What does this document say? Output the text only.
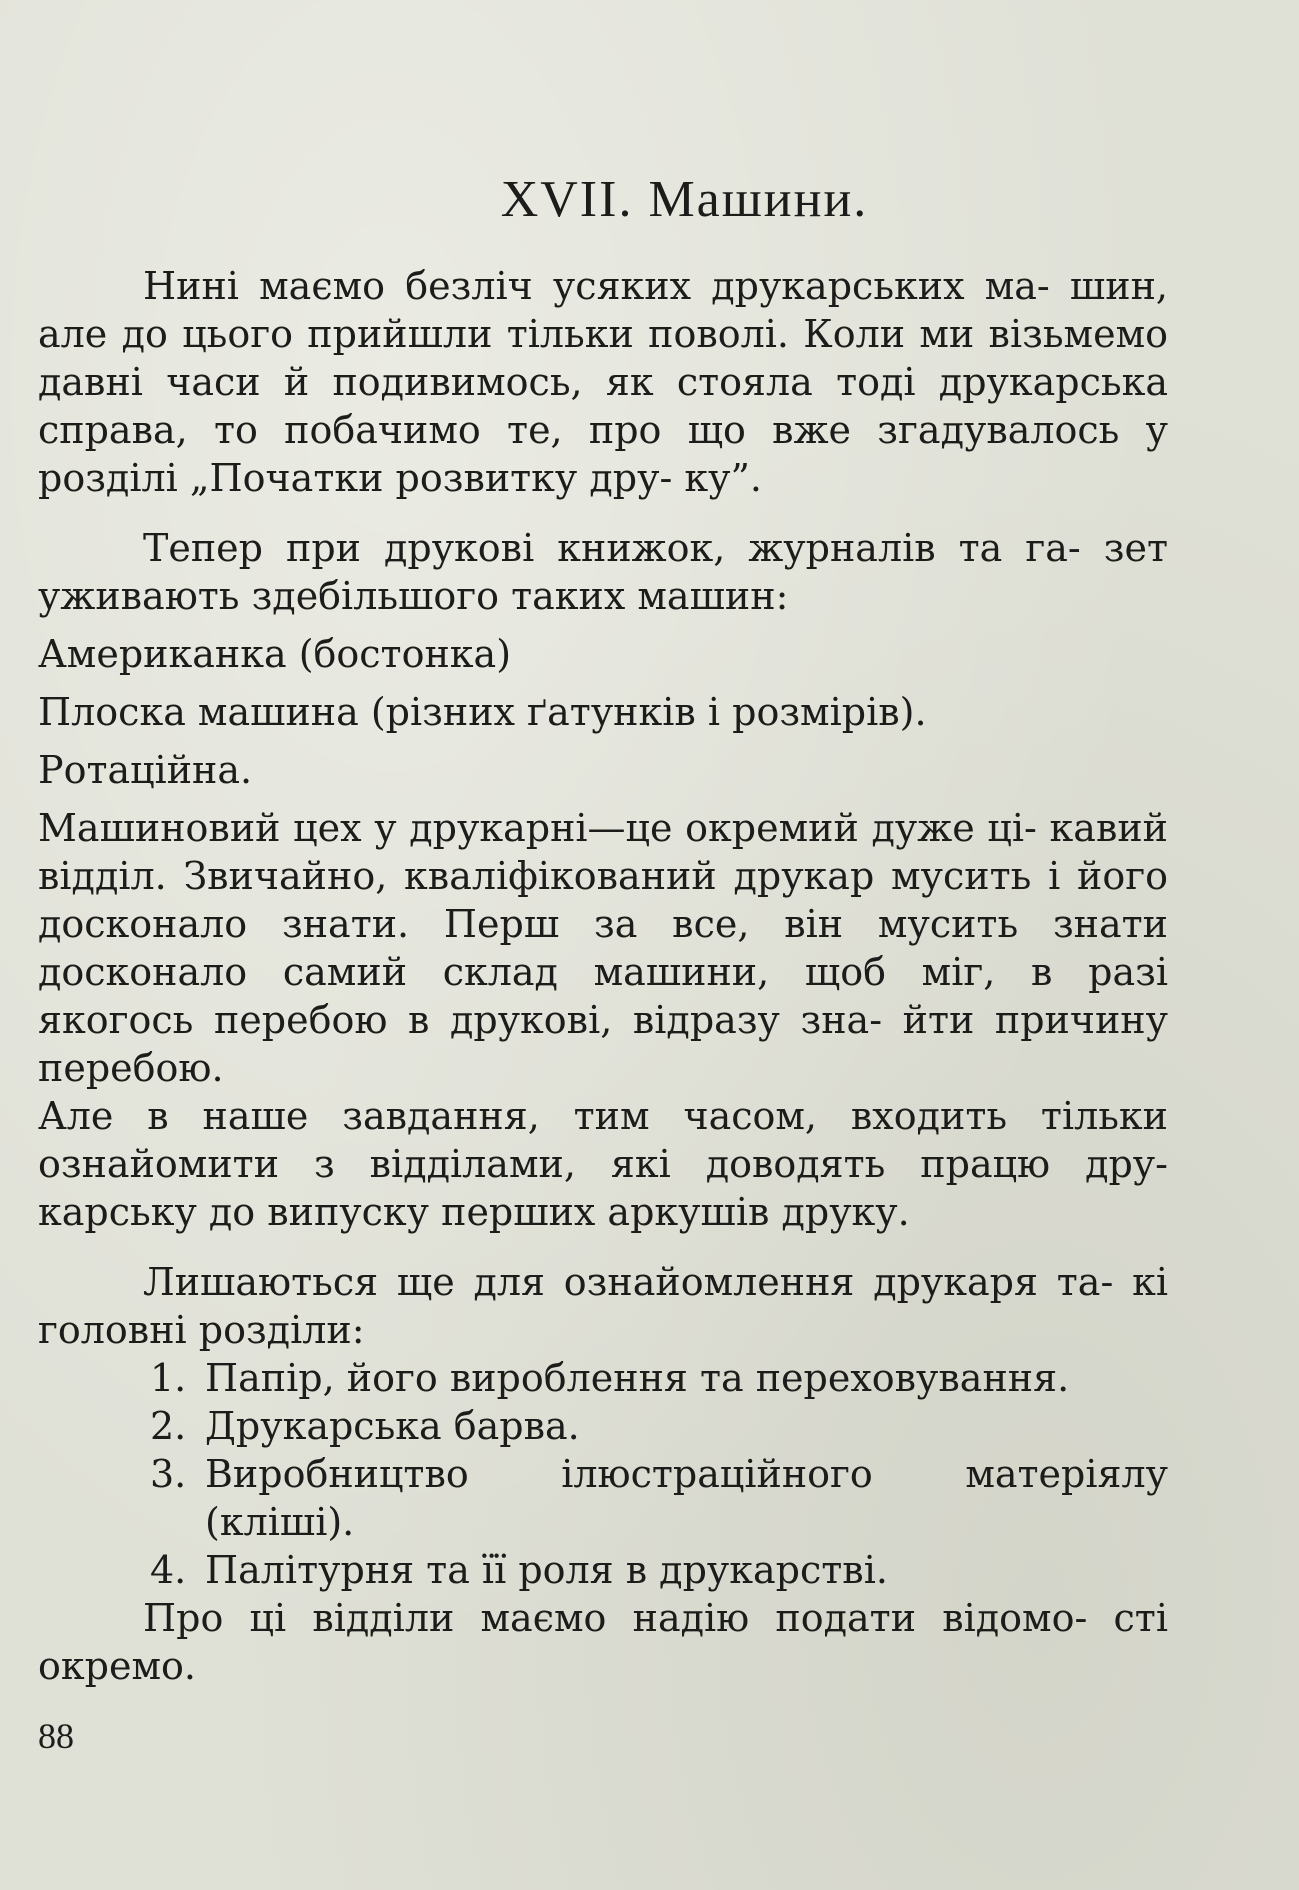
XVII. Машини.

Нині маємо безліч усяких друкарських ма- шин, але до цього прийшли тільки поволі. Коли ми візьмемо давні часи й подивимось, як стояла тоді друкарська справа, то побачимо те, про що вже згадувалось у розділі „Початки розвитку дру- ку”.

Тепер при друкові книжок, журналів та га- зет уживають здебільшого таких машин:

Американка (бостонка)

Плоска машина (різних ґатунків і розмірів).

Ротаційна.

Машиновий цех у друкарні—це окремий дуже ці- кавий відділ. Звичайно, кваліфікований друкар мусить і його досконало знати. Перш за все, він мусить знати досконало самий склад машини, щоб міг, в разі якогось перебою в друкові, відразу зна- йти причину перебою.

Але в наше завдання, тим часом, входить тільки ознайомити з відділами, які доводять працю дру- карську до випуску перших аркушів друку.

Лишаються ще для ознайомлення друкаря та- кі головні розділи:

1. Папір, його вироблення та переховування.
2. Друкарська барва.
3. Виробництво ілюстраційного матеріялу (кліші).
4. Палітурня та її роля в друкарстві.

Про ці відділи маємо надію подати відомо- сті окремо.

88
